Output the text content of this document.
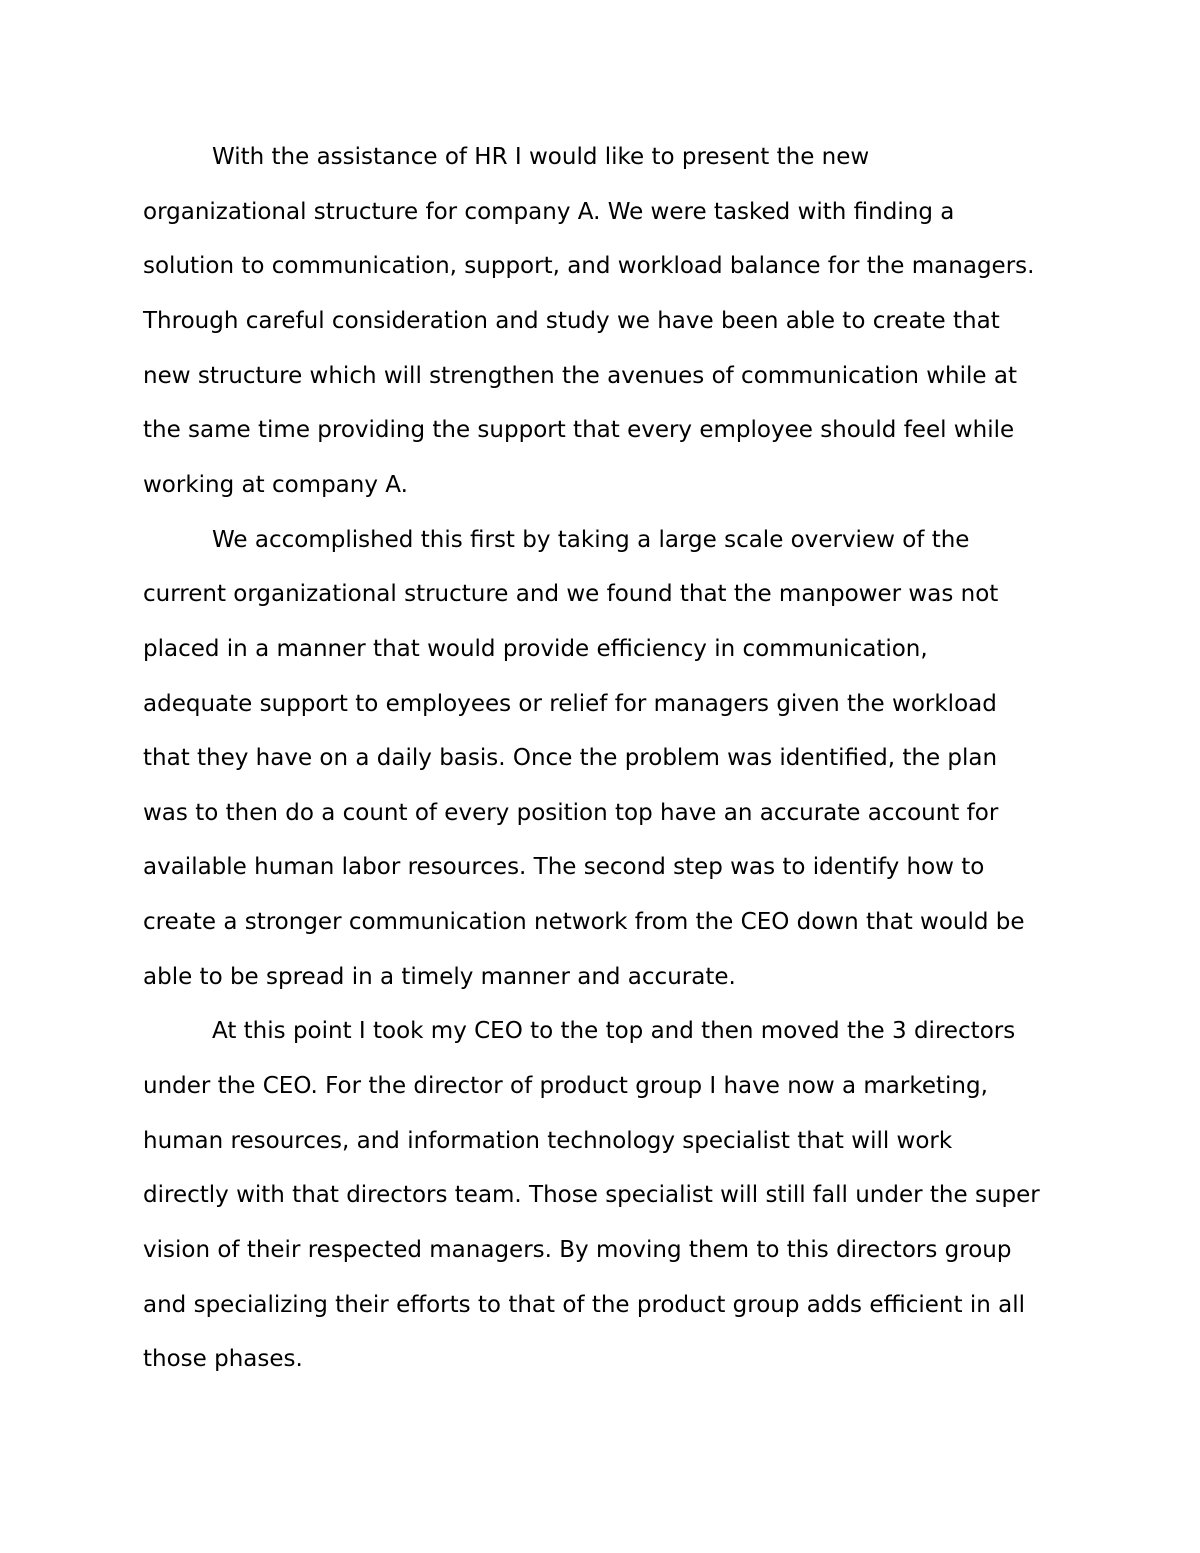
With the assistance of HR I would like to present the new
organizational structure for company A. We were tasked with finding a
solution to communication, support, and workload balance for the managers.
Through careful consideration and study we have been able to create that
new structure which will strengthen the avenues of communication while at
the same time providing the support that every employee should feel while
working at company A.
We accomplished this first by taking a large scale overview of the
current organizational structure and we found that the manpower was not
placed in a manner that would provide efficiency in communication,
adequate support to employees or relief for managers given the workload
that they have on a daily basis. Once the problem was identified, the plan
was to then do a count of every position top have an accurate account for
available human labor resources. The second step was to identify how to
create a stronger communication network from the CEO down that would be
able to be spread in a timely manner and accurate.
At this point I took my CEO to the top and then moved the 3 directors
under the CEO. For the director of product group I have now a marketing,
human resources, and information technology specialist that will work
directly with that directors team. Those specialist will still fall under the super
vision of their respected managers. By moving them to this directors group
and specializing their efforts to that of the product group adds efficient in all
those phases.
